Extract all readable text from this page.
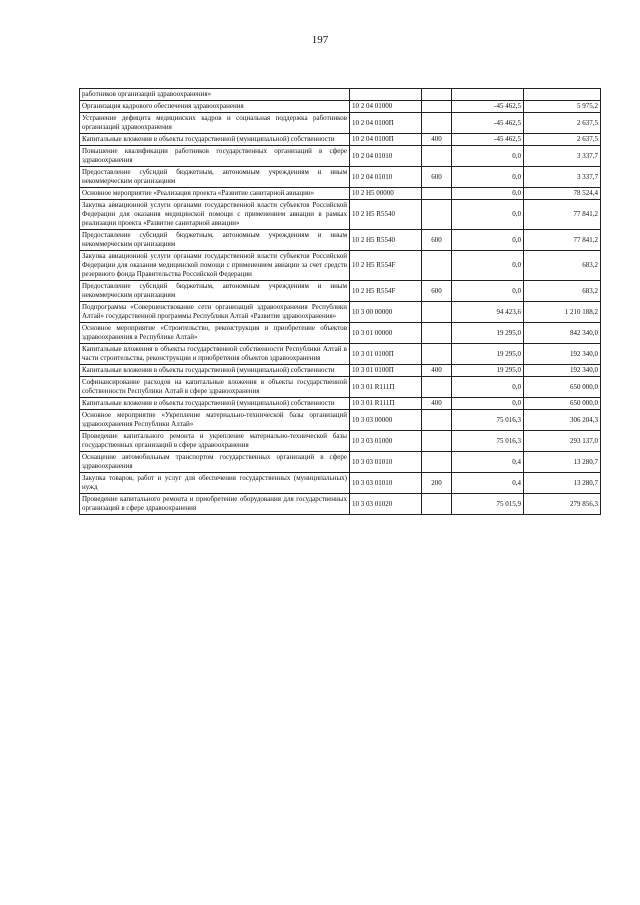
197
работников организаций здравоохранения»				
Организация кадрового обеспечения здравоохранения	10 2 04 01000		-45 462,5	5 975,2
Устранение дефицита медицинских кадров и социальная поддержка работников организаций здравоохранения	10 2 04 0100П		-45 462,5	2 637,5
Капитальные вложения в объекты государственной (муниципальной) собственности	10 2 04 0100П	400	-45 462,5	2 637,5
Повышение квалификации работников государственных организаций в сфере здравоохранения	10 2 04 01010		0,0	3 337,7
Предоставление субсидий бюджетным, автономным учреждениям и иным некоммерческим организациям	10 2 04 01010	600	0,0	3 337,7
Основное мероприятие «Реализация проекта «Развитие санитарной авиации»	10 2 Н5 00000		0,0	78 524,4
Закупка авиационной услуги органами государственной власти субъектов Российской Федерации для оказания медицинской помощи с применением авиации в рамках реализации проекта «Развитие санитарной авиации»	10 2 Н5 R5540		0,0	77 841,2
Предоставление субсидий бюджетным, автономным учреждениям и иным некоммерческим организациям	10 2 Н5 R5540	600	0,0	77 841,2
Закупка авиационной услуги органами государственной власти субъектов Российской Федерации для оказания медицинской помощи с применением авиации за счет средств резервного фонда Правительства Российской Федерации	10 2 Н5 R554F		0,0	683,2
Предоставление субсидий бюджетным, автономным учреждениям и иным некоммерческим организациям	10 2 Н5 R554F	600	0,0	683,2
Подпрограмма «Совершенствование сети организаций здравоохранения Республики Алтай» государственной программы Республики Алтай «Развитие здравоохранения»	10 3 00 00000		94 423,6	1 210 188,2
Основное мероприятие «Строительство, реконструкция и приобретение объектов здравоохранения в Республике Алтай»	10 3 01 00000		19 295,0	842 340,0
Капитальные вложения в объекты государственной собственности Республики Алтай в части строительства, реконструкции и приобретения объектов здравоохранения	10 3 01 0100П		19 295,0	192 340,0
Капитальные вложения в объекты государственной (муниципальной) собственности	10 3 01 0100П	400	19 295,0	192 340,0
Софинансирование расходов на капитальные вложения в объекты государственной собственности Республики Алтай в сфере здравоохранения	10 3 01 R111П		0,0	650 000,0
Капитальные вложения в объекты государственной (муниципальной) собственности	10 3 01 R111П	400	0,0	650 000,0
Основное мероприятие «Укрепление материально-технической базы организаций здравоохранения Республики Алтай»	10 3 03 00000		75 016,3	306 204,3
Проведение капитального ремонта и укрепление материально-технической базы государственных организаций в сфере здравоохранения	10 3 03 01000		75 016,3	293 137,0
Оснащение автомобильным транспортом государственных организаций в сфере здравоохранения	10 3 03 01010		0,4	13 280,7
Закупка товаров, работ и услуг для обеспечения государственных (муниципальных) нужд	10 3 03 01010	200	0,4	13 280,7
Проведение капитального ремонта и приобретение оборудования для государственных организаций в сфере здравоохранения	10 3 03 01020		75 015,9	279 856,3
